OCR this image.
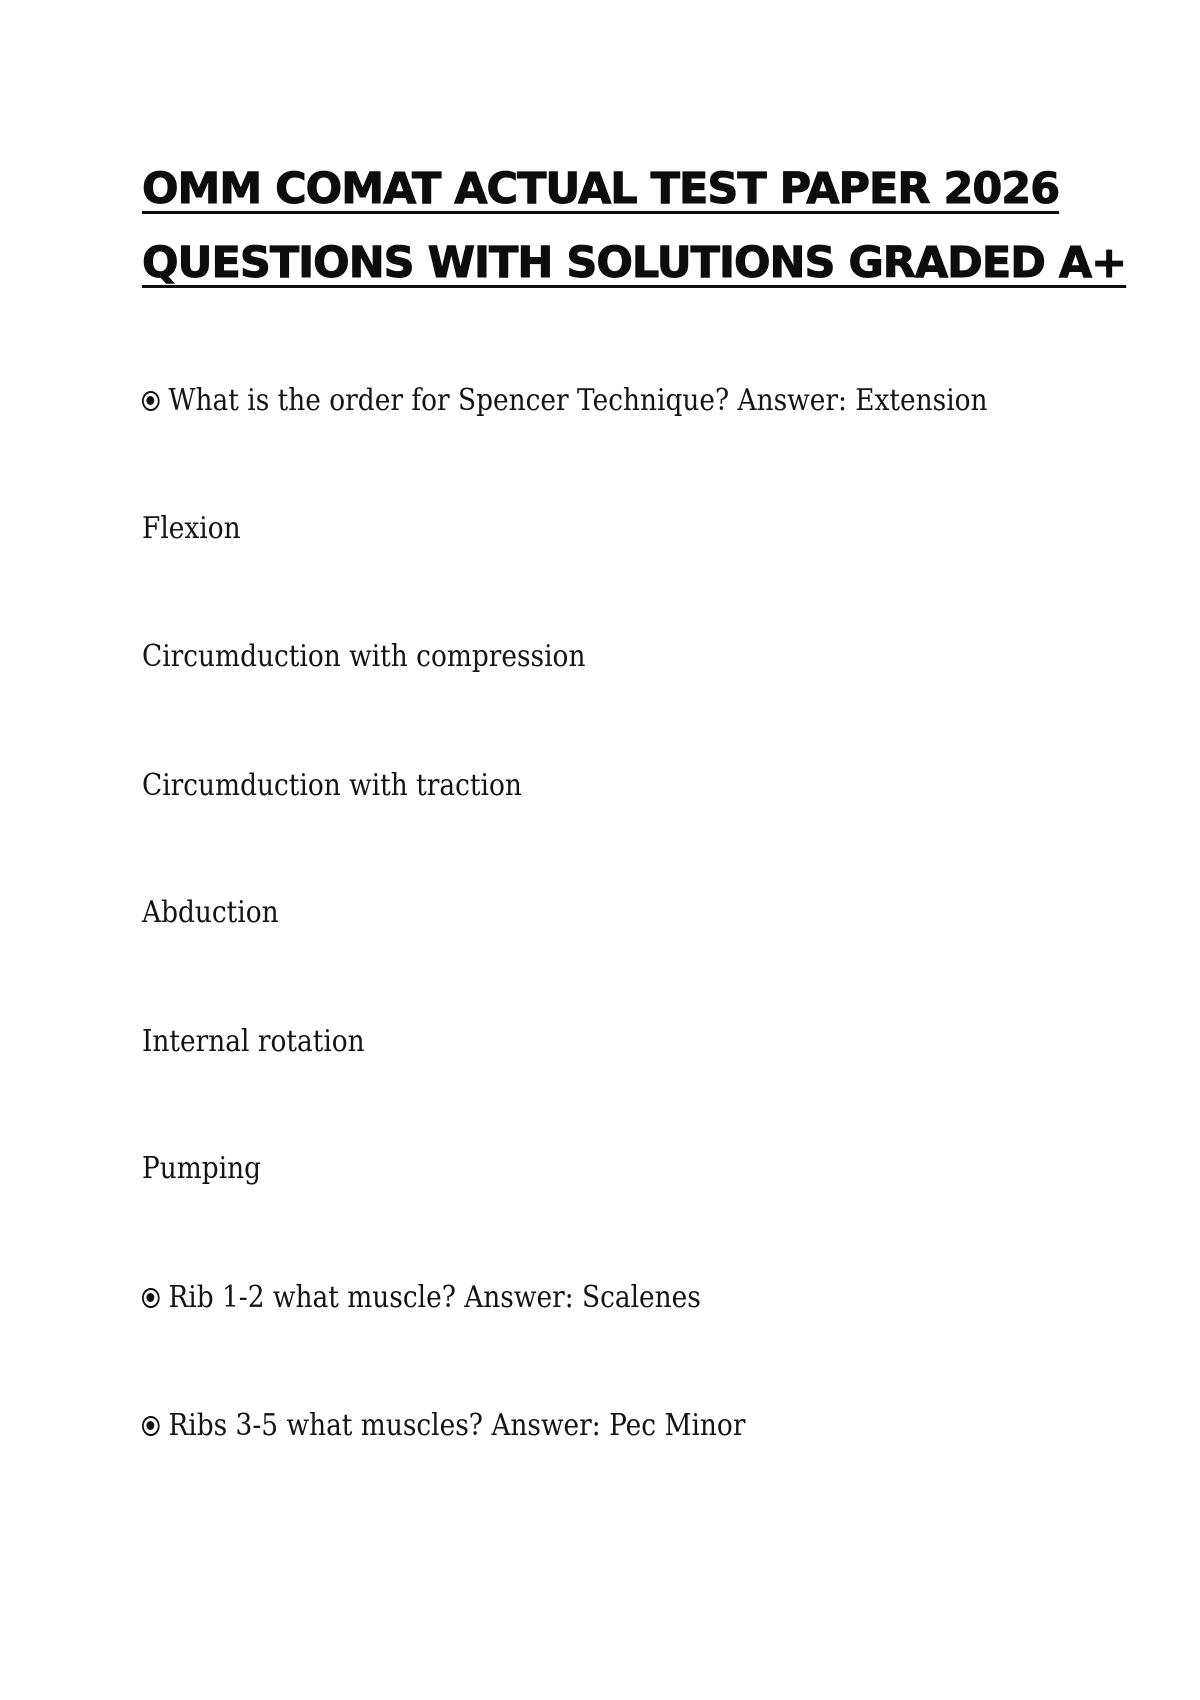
OMM COMAT ACTUAL TEST PAPER 2026
QUESTIONS WITH SOLUTIONS GRADED A+
What is the order for Spencer Technique? Answer: Extension
Flexion
Circumduction with compression
Circumduction with traction
Abduction
Internal rotation
Pumping
Rib 1-2 what muscle? Answer: Scalenes
Ribs 3-5 what muscles? Answer: Pec Minor
